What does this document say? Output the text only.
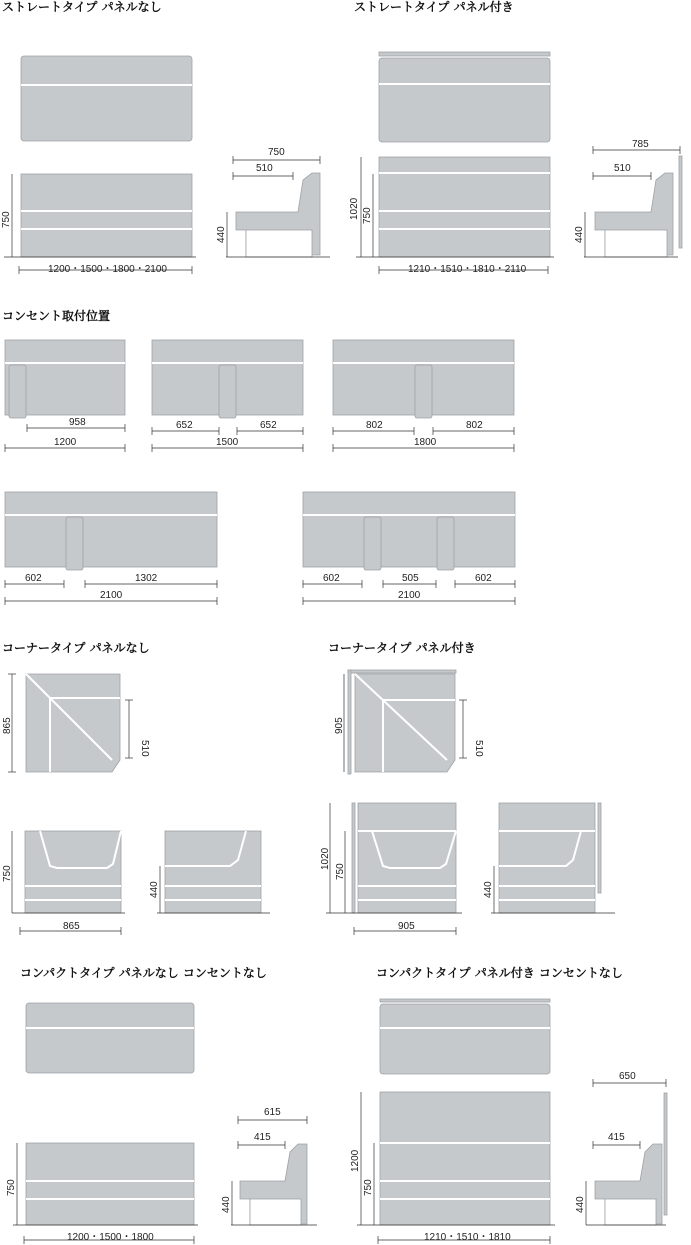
ストレートタイプ パネルなし	ストレートタイプ パネル付き
コンセント取付位置
コーナータイプ パネルなし	コーナータイプ パネル付き
コンパクトタイプ パネルなし コンセントなし	コンパクトタイプ パネル付き コンセントなし
750
1200・1500・1800・2100
440
750
510
1020 750
1210・1510・1810・2110
440
785
510
958
1200
652	652
1500
802	802
1800
602	1302
2100
602	505	602
2100
865
510
750
865
440
905
510
1020
750
905
440
750
1200・1500・1800
440
615
415
1200
750
1210・1510・1810
440
650
415
